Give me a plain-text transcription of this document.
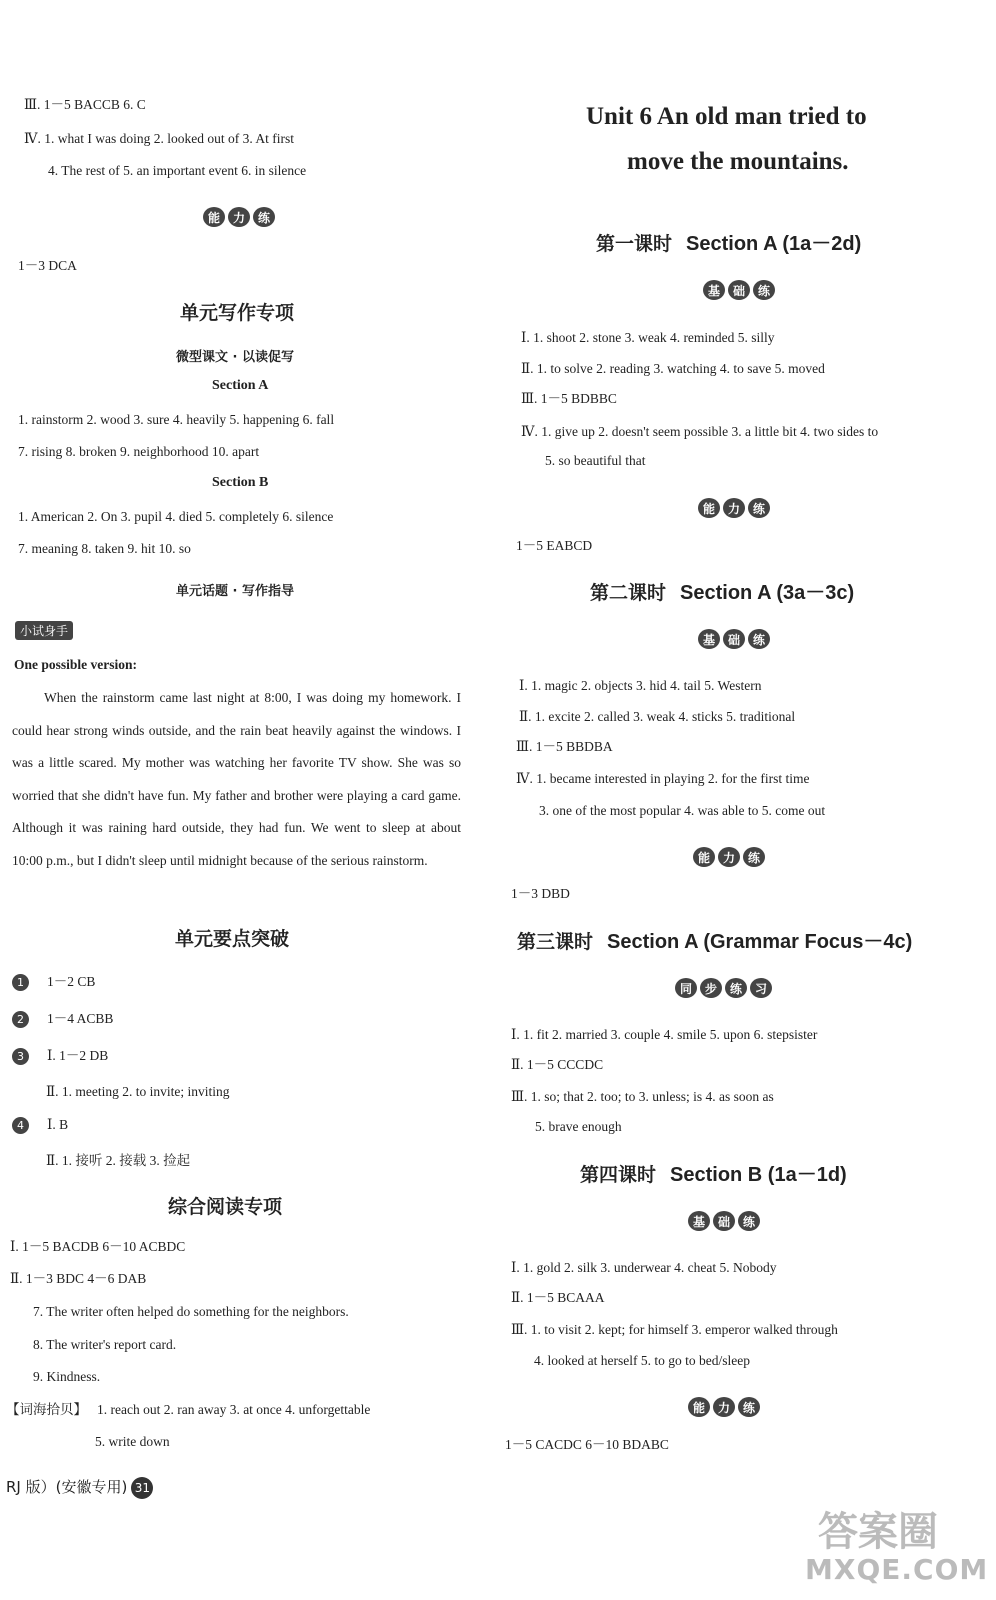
Ⅲ. 1－5 BACCB 6. C
Ⅳ. 1. what I was doing 2. looked out of 3. At first
4. The rest of 5. an important event 6. in silence
能	力	练
1－3 DCA
单元写作专项
微型课文 · 以读促写
Section A
1. rainstorm 2. wood 3. sure 4. heavily 5. happening 6. fall
7. rising 8. broken 9. neighborhood 10. apart
Section B
1. American 2. On 3. pupil 4. died 5. completely 6. silence
7. meaning 8. taken 9. hit 10. so
单元话题 · 写作指导
小试身手
One possible version:
When the rainstorm came last night at 8:00, I was doing my homework. I could hear strong winds outside, and the rain beat heavily against the windows. I was a little scared. My mother was watching her favorite TV show. She was so worried that she didn't have fun. My father and brother were playing a card game. Although it was raining hard outside, they had fun. We went to sleep at about 10:00 p.m., but I didn't sleep until midnight because of the serious rainstorm.
单元要点突破
1 1－2 CB
2 1－4 ACBB
3 Ⅰ. 1－2 DB
Ⅱ. 1. meeting 2. to invite; inviting
4 Ⅰ. B
Ⅱ. 1. 接听 2. 接载 3. 捡起
综合阅读专项
Ⅰ. 1－5 BACDB 6－10 ACBDC
Ⅱ. 1－3 BDC 4－6 DAB
7. The writer often helped do something for the neighbors.
8. The writer's report card.
9. Kindness.
【词海拾贝】 1. reach out 2. ran away 3. at once 4. unforgettable
5. write down
RJ 版）(安徽专用) 31
Unit 6 An old man tried to
move the mountains.
第一课时 Section A (1a－2d)
基	础	练
Ⅰ. 1. shoot 2. stone 3. weak 4. reminded 5. silly
Ⅱ. 1. to solve 2. reading 3. watching 4. to save 5. moved
Ⅲ. 1－5 BDBBC
Ⅳ. 1. give up 2. doesn't seem possible 3. a little bit 4. two sides to
5. so beautiful that
能	力	练
1－5 EABCD
第二课时 Section A (3a－3c)
基	础	练
Ⅰ. 1. magic 2. objects 3. hid 4. tail 5. Western
Ⅱ. 1. excite 2. called 3. weak 4. sticks 5. traditional
Ⅲ. 1－5 BBDBA
Ⅳ. 1. became interested in playing 2. for the first time
3. one of the most popular 4. was able to 5. come out
能	力	练
1－3 DBD
第三课时 Section A (Grammar Focus－4c)
同	步	练	习
Ⅰ. 1. fit 2. married 3. couple 4. smile 5. upon 6. stepsister
Ⅱ. 1－5 CCCDC
Ⅲ. 1. so; that 2. too; to 3. unless; is 4. as soon as
5. brave enough
第四课时 Section B (1a－1d)
基	础	练
Ⅰ. 1. gold 2. silk 3. underwear 4. cheat 5. Nobody
Ⅱ. 1－5 BCAAA
Ⅲ. 1. to visit 2. kept; for himself 3. emperor walked through
4. looked at herself 5. to go to bed/sleep
能	力	练
1－5 CACDC 6－10 BDABC
答案圈
MXQE.COM
